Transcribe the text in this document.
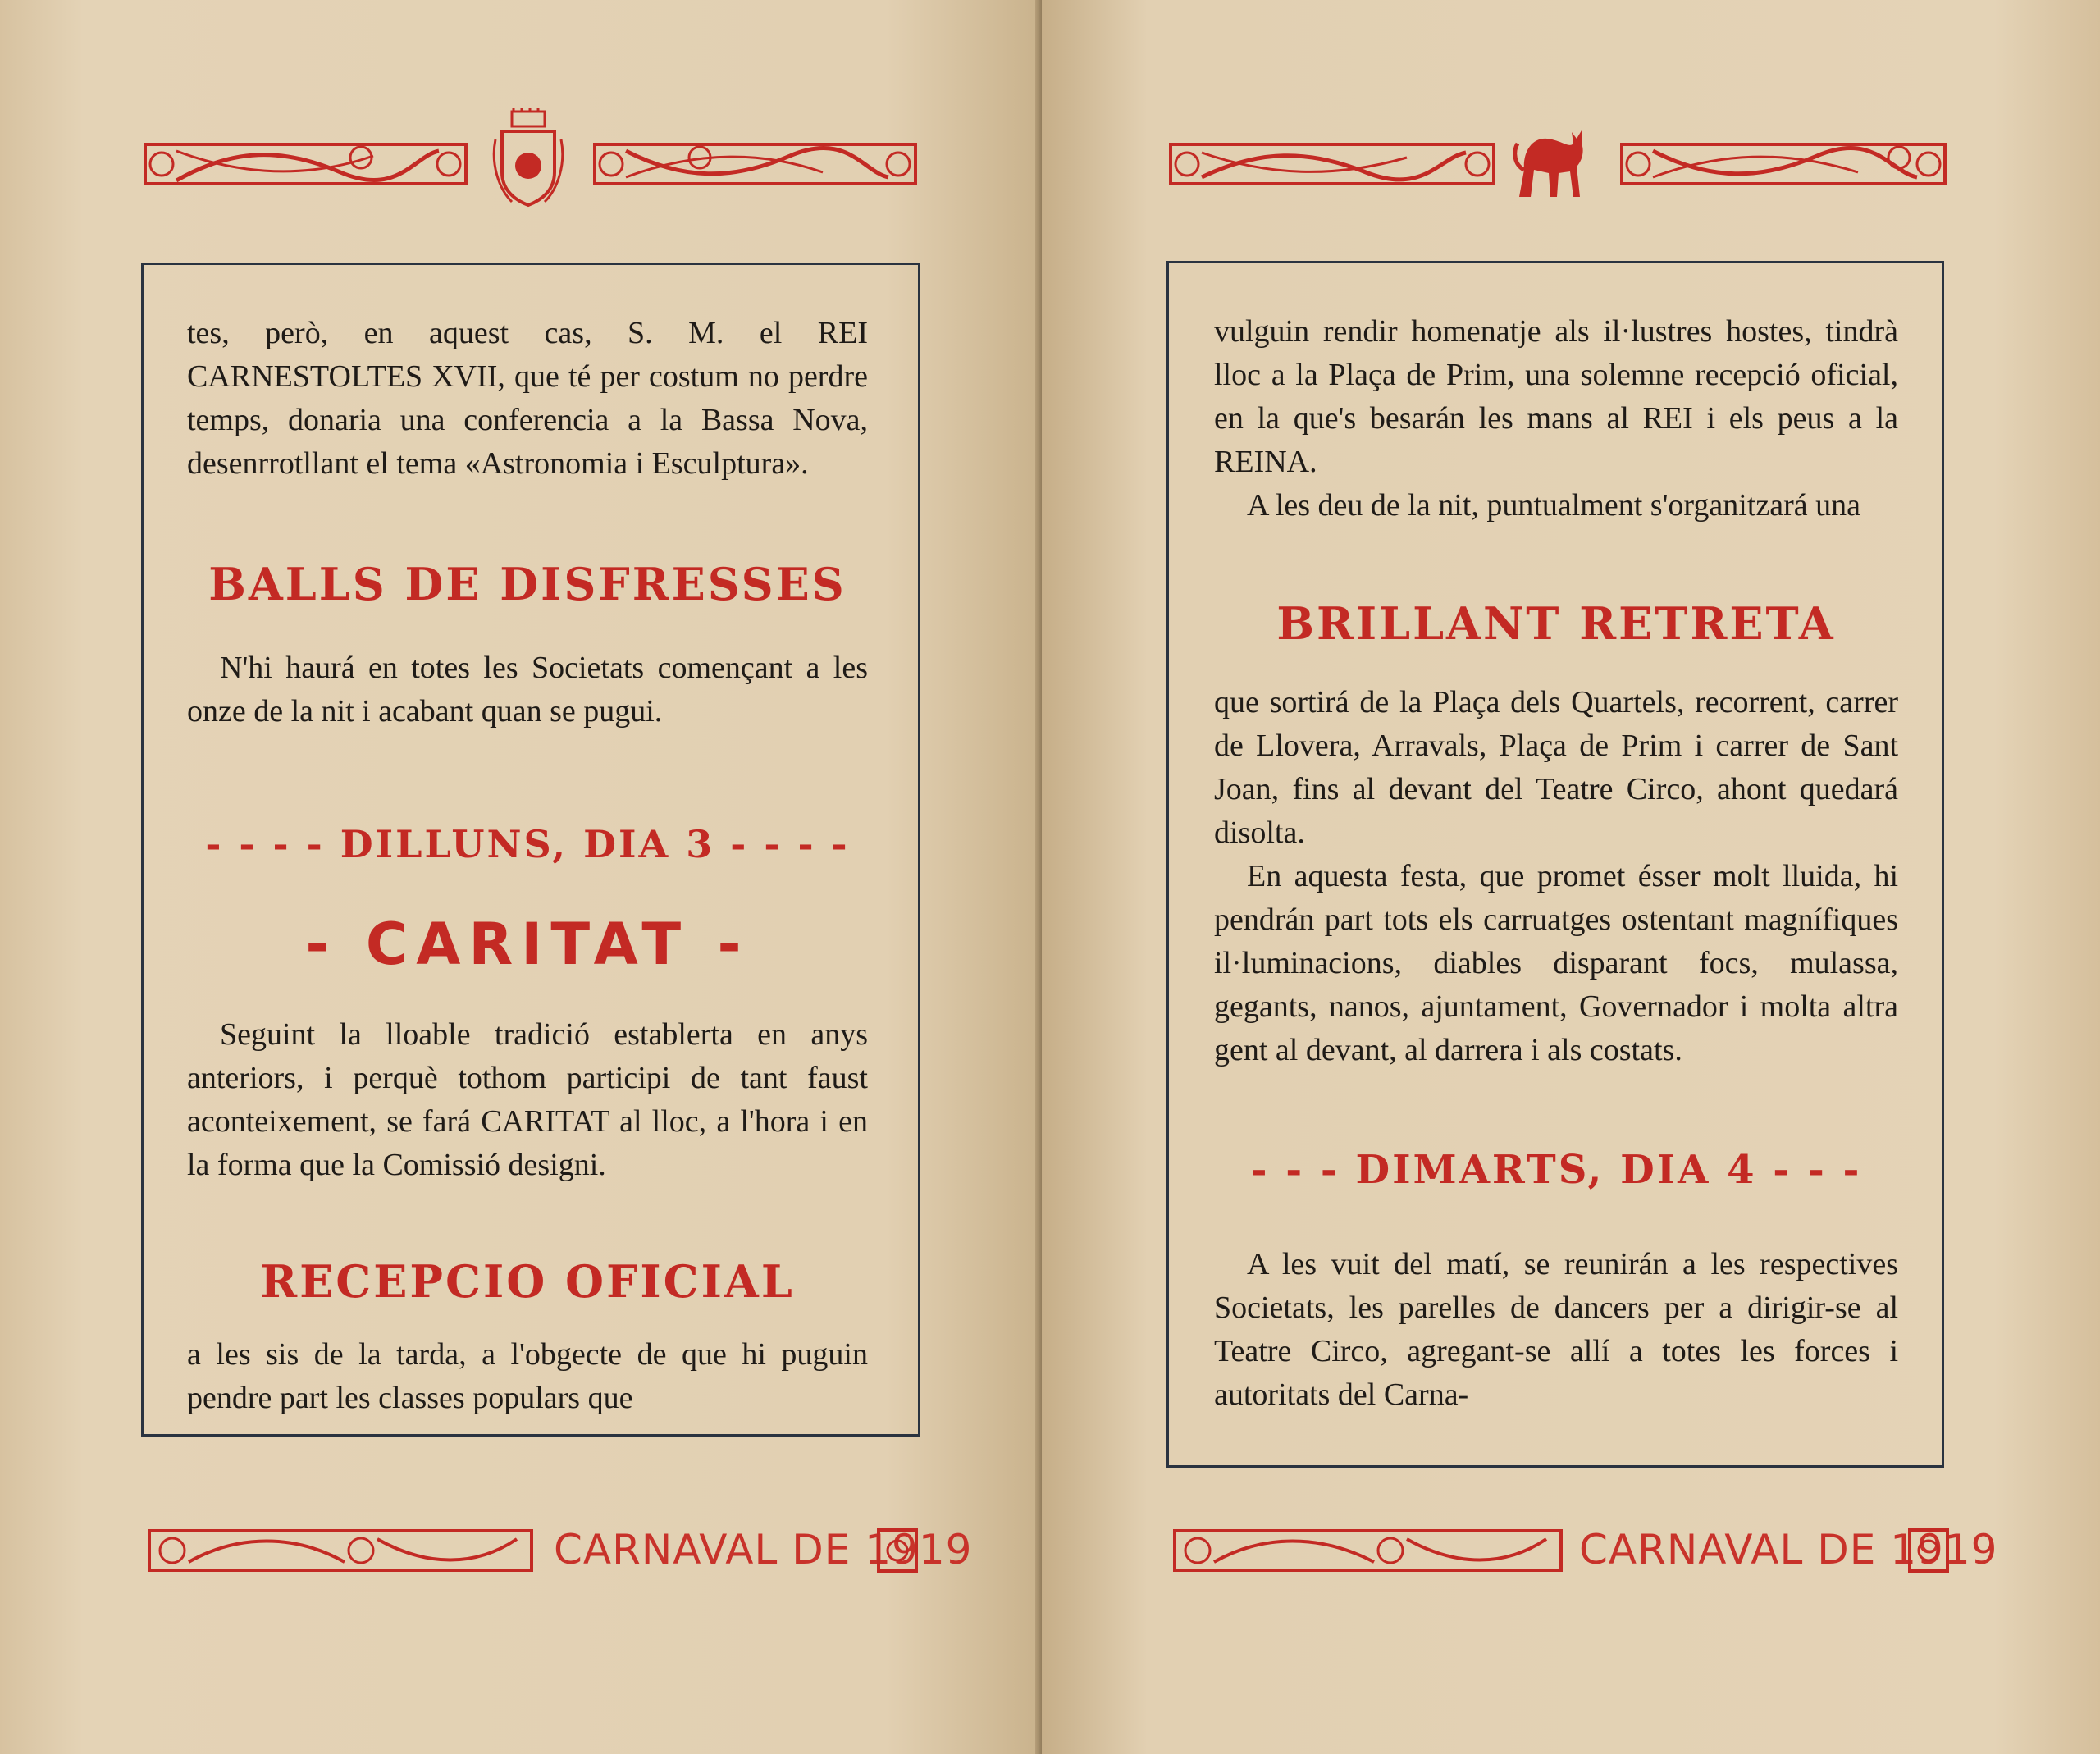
tes, però, en aquest cas, S. M. el REI CARNESTOLTES XVII, que té per costum no perdre temps, donaria una conferencia a la Bassa Nova, desenrrotllant el tema «Astronomia i Esculptura».
BALLS DE DISFRESSES

N'hi haurá en totes les Societats començant a les onze de la nit i acabant quan se pugui.

- - - - DILLUNS, DIA 3 - - - -
- CARITAT -

Seguint la lloable tradició establerta en anys anteriors, i perquè tothom participi de tant faust aconteixement, se fará CARITAT al lloc, a l'hora i en la forma que la Comissió designi.

RECEPCIO OFICIAL
a les sis de la tarda, a l'obgecte de que hi puguin pendre part les classes populars que
CARNAVAL DE 1919

vulguin rendir homenatje als il·lustres hostes, tindrà lloc a la Plaça de Prim, una solemne recepció oficial, en la que's besarán les mans al REI i els peus a la REINA.

A les deu de la nit, puntualment s'organitzará una

BRILLANT RETRETA

que sortirá de la Plaça dels Quartels, recorrent, carrer de Llovera, Arravals, Plaça de Prim i carrer de Sant Joan, fins al devant del Teatre Circo, ahont quedará disolta.

En aquesta festa, que promet ésser molt lluida, hi pendrán part tots els carruatges ostentant magnífiques il·luminacions, diables disparant focs, mulassa, gegants, nanos, ajuntament, Governador i molta altra gent al devant, al darrera i als costats.

- - - DIMARTS, DIA 4 - - -

A les vuit del matí, se reunirán a les respectives Societats, les parelles de dancers per a dirigir-se al Teatre Circo, agregant-se allí a totes les forces i autoritats del Carna-

CARNAVAL DE 1919
